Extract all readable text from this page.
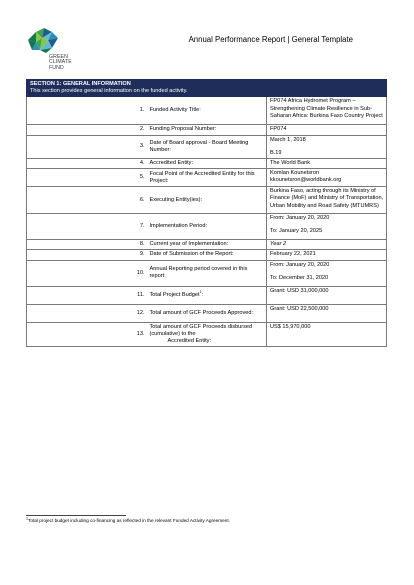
GREEN
CLIMATE
FUND
Annual Performance Report | General Template
SECTION 1: GENERAL INFORMATION
This section provides general information on the funded activity.		

1.	Funded Activity Title:	FP074 Africa Hydromet Program –
Strengthening Climate Resilience in Sub-
Saharan Africa: Burkina Faso Country Project

2.	Funding Proposal Number:	FP074

3.	Date of Board approval - Board Meeting Number:	March 1, 2018
B.19

4.	Accredited Entity:	The World Bank

5.	Focal Point of the Accredited Entity for this Project:	Komlan Kounetsron
kkounetsron@worldbank.org

6.	Executing Entity(ies):	Burkina Faso, acting through its Ministry of
Finance (MoF) and Ministry of Transportation,
Urban Mobility and Road Safety (MTUMRS)

7.	Implementation Period:	From: January 20, 2020
To: January 20, 2025

8.	Current year of Implementation:	Year 2

9.	Date of Submission of the Report:	February 22, 2021

10.	Annual Reporting period covered in this report:	From: January 20, 2020
To: December 31, 2020

11.	Total Project Budget$^1$:	Grant: USD 31,000,000

12.	Total amount of GCF Proceeds Approved:	Grant: USD 22,500,000

13.	Total amount of GCF Proceeds disbursed (cumulative) to the
Accredited Entity:	US$ 15,970,000
$^1$Total project budget including co-financing as reflected in the relevant Funded Activity Agreement.
